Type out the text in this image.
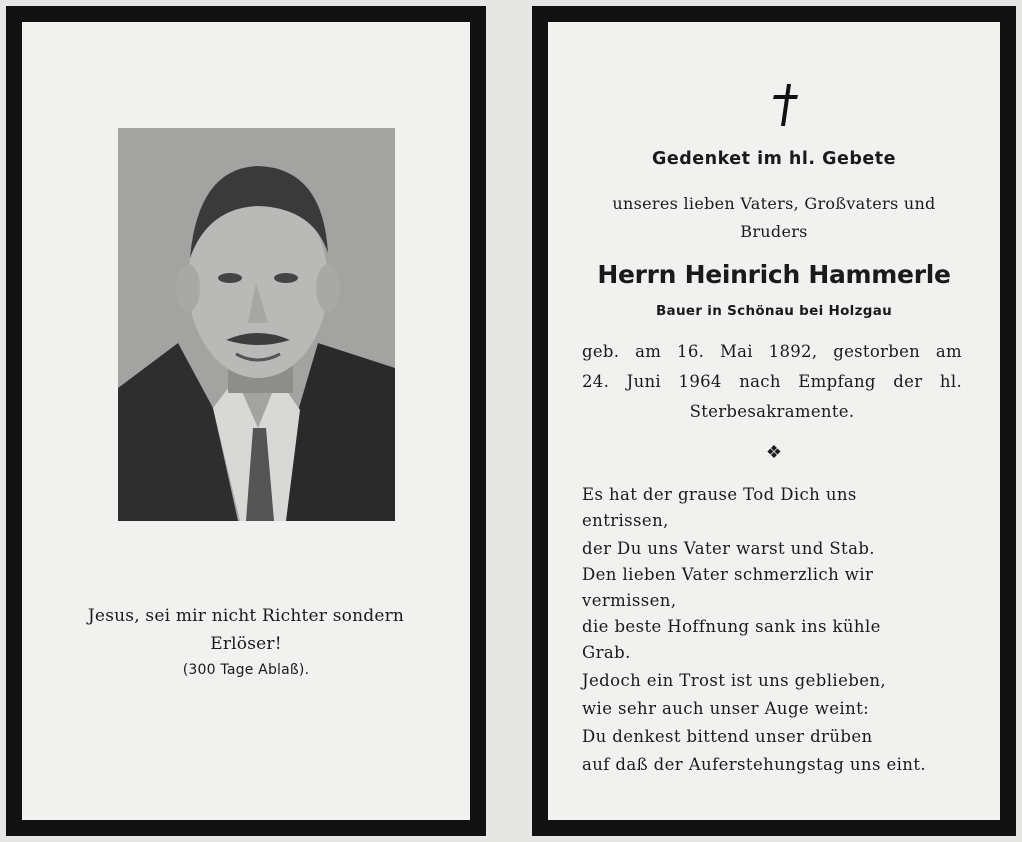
Jesus, sei mir nicht Richter sondern
Erlöser!
(300 Tage Ablaß).
Gedenket im hl. Gebete
unseres lieben Vaters, Großvaters und
Bruders
Herrn Heinrich Hammerle
Bauer in Schönau bei Holzgau
geb. am 16. Mai 1892, gestorben am
24. Juni 1964 nach Empfang der hl.
Sterbesakramente.
❖
Es hat der grause Tod Dich uns
entrissen,
der Du uns Vater warst und Stab.
Den lieben Vater schmerzlich wir
vermissen,
die beste Hoffnung sank ins kühle
Grab.
Jedoch ein Trost ist uns geblieben,
wie sehr auch unser Auge weint:
Du denkest bittend unser drüben
auf daß der Auferstehungstag uns eint.
